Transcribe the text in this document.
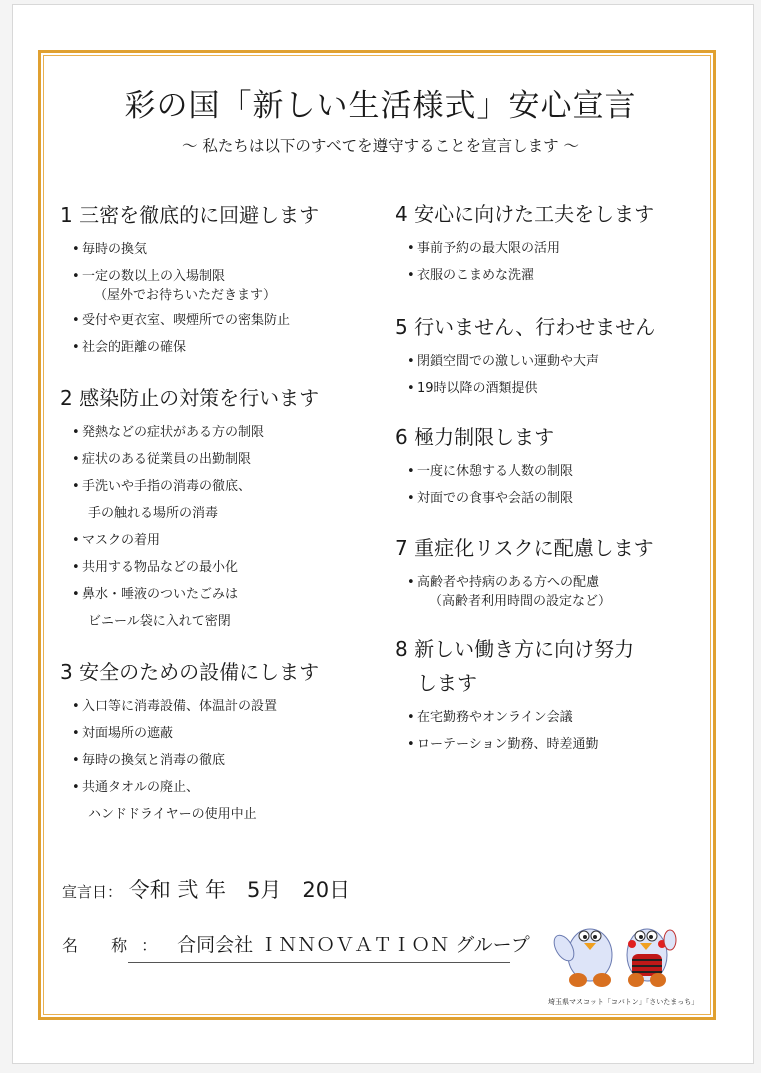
彩の国「新しい生活様式」安心宣言
～ 私たちは以下のすべてを遵守することを宣言します ～
1 三密を徹底的に回避します
• 毎時の換気
• 一定の数以上の入場制限
（屋外でお待ちいただきます）
• 受付や更衣室、喫煙所での密集防止
• 社会的距離の確保
2 感染防止の対策を行います
• 発熱などの症状がある方の制限
• 症状のある従業員の出勤制限
• 手洗いや手指の消毒の徹底、
手の触れる場所の消毒
• マスクの着用
• 共用する物品などの最小化
• 鼻水・唾液のついたごみは
ビニール袋に入れて密閉
3 安全のための設備にします
• 入口等に消毒設備、体温計の設置
• 対面場所の遮蔽
• 毎時の換気と消毒の徹底
• 共通タオルの廃止、
ハンドドライヤーの使用中止
4 安心に向けた工夫をします
• 事前予約の最大限の活用
• 衣服のこまめな洗濯
5 行いません、行わせません
• 閉鎖空間での激しい運動や大声
• 19時以降の酒類提供
6 極力制限します
• 一度に休憩する人数の制限
• 対面での食事や会話の制限
7 重症化リスクに配慮します
• 高齢者や持病のある方への配慮
（高齢者利用時間の設定など）
8 新しい働き方に向け努力
します
• 在宅勤務やオンライン会議
• ローテーション勤務、時差通勤
宣言日： 令和 弐 年　5月　20日
名 称： 合同会社 ＩＮＮＯＶＡＴＩＯＮ グループ
埼玉県マスコット「コバトン」「さいたまっち」
